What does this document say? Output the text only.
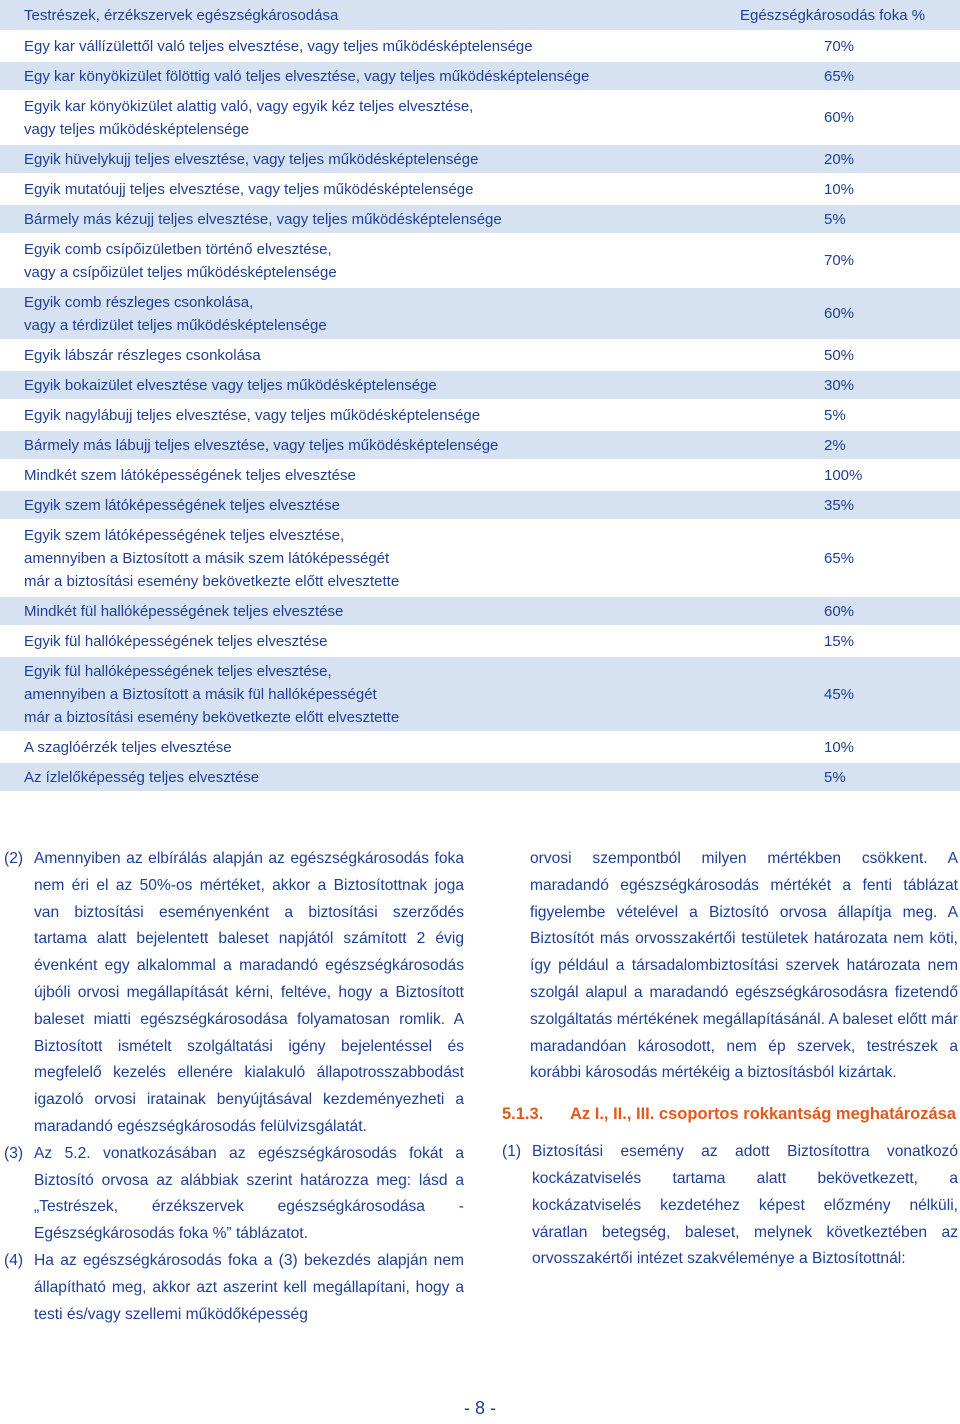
Testrészek, érzékszervek egészségkárosodása	Egészségkárosodás foka %
Egy kar vállízülettől való teljes elvesztése, vagy teljes működésképtelensége	70%
Egy kar könyökizület fölöttig való teljes elvesztése, vagy teljes működésképtelensége	65%
Egyik kar könyökizület alattig való, vagy egyik kéz teljes elvesztése,
vagy teljes működésképtelensége
60%
Egyik hüvelykujj teljes elvesztése, vagy teljes működésképtelensége	20%
Egyik mutatóujj teljes elvesztése, vagy teljes működésképtelensége	10%
Bármely más kézujj teljes elvesztése, vagy teljes működésképtelensége	5%
Egyik comb csípőizületben történő elvesztése,
vagy a csípőizület teljes működésképtelensége
70%
Egyik comb részleges csonkolása,
vagy a térdizület teljes működésképtelensége
60%
Egyik lábszár részleges csonkolása	50%
Egyik bokaizület elvesztése vagy teljes működésképtelensége	30%
Egyik nagylábujj teljes elvesztése, vagy teljes működésképtelensége	5%
Bármely más lábujj teljes elvesztése, vagy teljes működésképtelensége	2%
Mindkét szem látóképességének teljes elvesztése	100%
Egyik szem látóképességének teljes elvesztése	35%
Egyik szem látóképességének teljes elvesztése,
amennyiben a Biztosított a másik szem látóképességét
már a biztosítási esemény bekövetkezte előtt elvesztette
65%
Mindkét fül hallóképességének teljes elvesztése	60%
Egyik fül hallóképességének teljes elvesztése	15%
Egyik fül hallóképességének teljes elvesztése,
amennyiben a Biztosított a másik fül hallóképességét
már a biztosítási esemény bekövetkezte előtt elvesztette
45%
A szaglóérzék teljes elvesztése	10%
Az ízlelőképesség teljes elvesztése	5%
(2) Amennyiben az elbírálás alapján az egészségkárosodás foka nem éri el az 50%-os mértéket, akkor a Biztosítottnak joga van biztosítási eseményenként a biztosítási szerződés tartama alatt bejelentett baleset napjától számított 2 évig évenként egy alkalommal a maradandó egészségkárosodás újbóli orvosi megállapítását kérni, feltéve, hogy a Biztosított baleset miatti egészségkárosodása folyamatosan romlik. A Biztosított ismételt szolgáltatási igény bejelentéssel és megfelelő kezelés ellenére kialakuló állapotrosszabbodást igazoló orvosi iratainak benyújtásával kezdeményezheti a maradandó egészségkárosodás felülvizsgálatát.
(3) Az 5.2. vonatkozásában az egészségkárosodás fokát a Biztosító orvosa az alábbiak szerint határozza meg: lásd a „Testrészek, érzékszervek egészségkárosodása - Egészségkárosodás foka %” táblázatot.
(4) Ha az egészségkárosodás foka a (3) bekezdés alapján nem állapítható meg, akkor azt aszerint kell megállapítani, hogy a testi és/vagy szellemi működőképesség
orvosi szempontból milyen mértékben csökkent. A maradandó egészségkárosodás mértékét a fenti táblázat figyelembe vételével a Biztosító orvosa állapítja meg. A Biztosítót más orvosszakértői testületek határozata nem köti, így például a társadalombiztosítási szervek határozata nem szolgál alapul a maradandó egészségkárosodásra fizetendő szolgáltatás mértékének megállapításánál. A baleset előtt már maradandóan károsodott, nem ép szervek, testrészek a korábbi károsodás mértékéig a biztosításból kizártak.
5.1.3.	Az I., II., III. csoportos rokkantság meghatározása
(1) Biztosítási esemény az adott Biztosítottra vonatkozó kockázatviselés tartama alatt bekövetkezett, a kockázatviselés kezdetéhez képest előzmény nélküli, váratlan betegség, baleset, melynek következtében az orvosszakértői intézet szakvéleménye a Biztosítottnál:
- 8 -
